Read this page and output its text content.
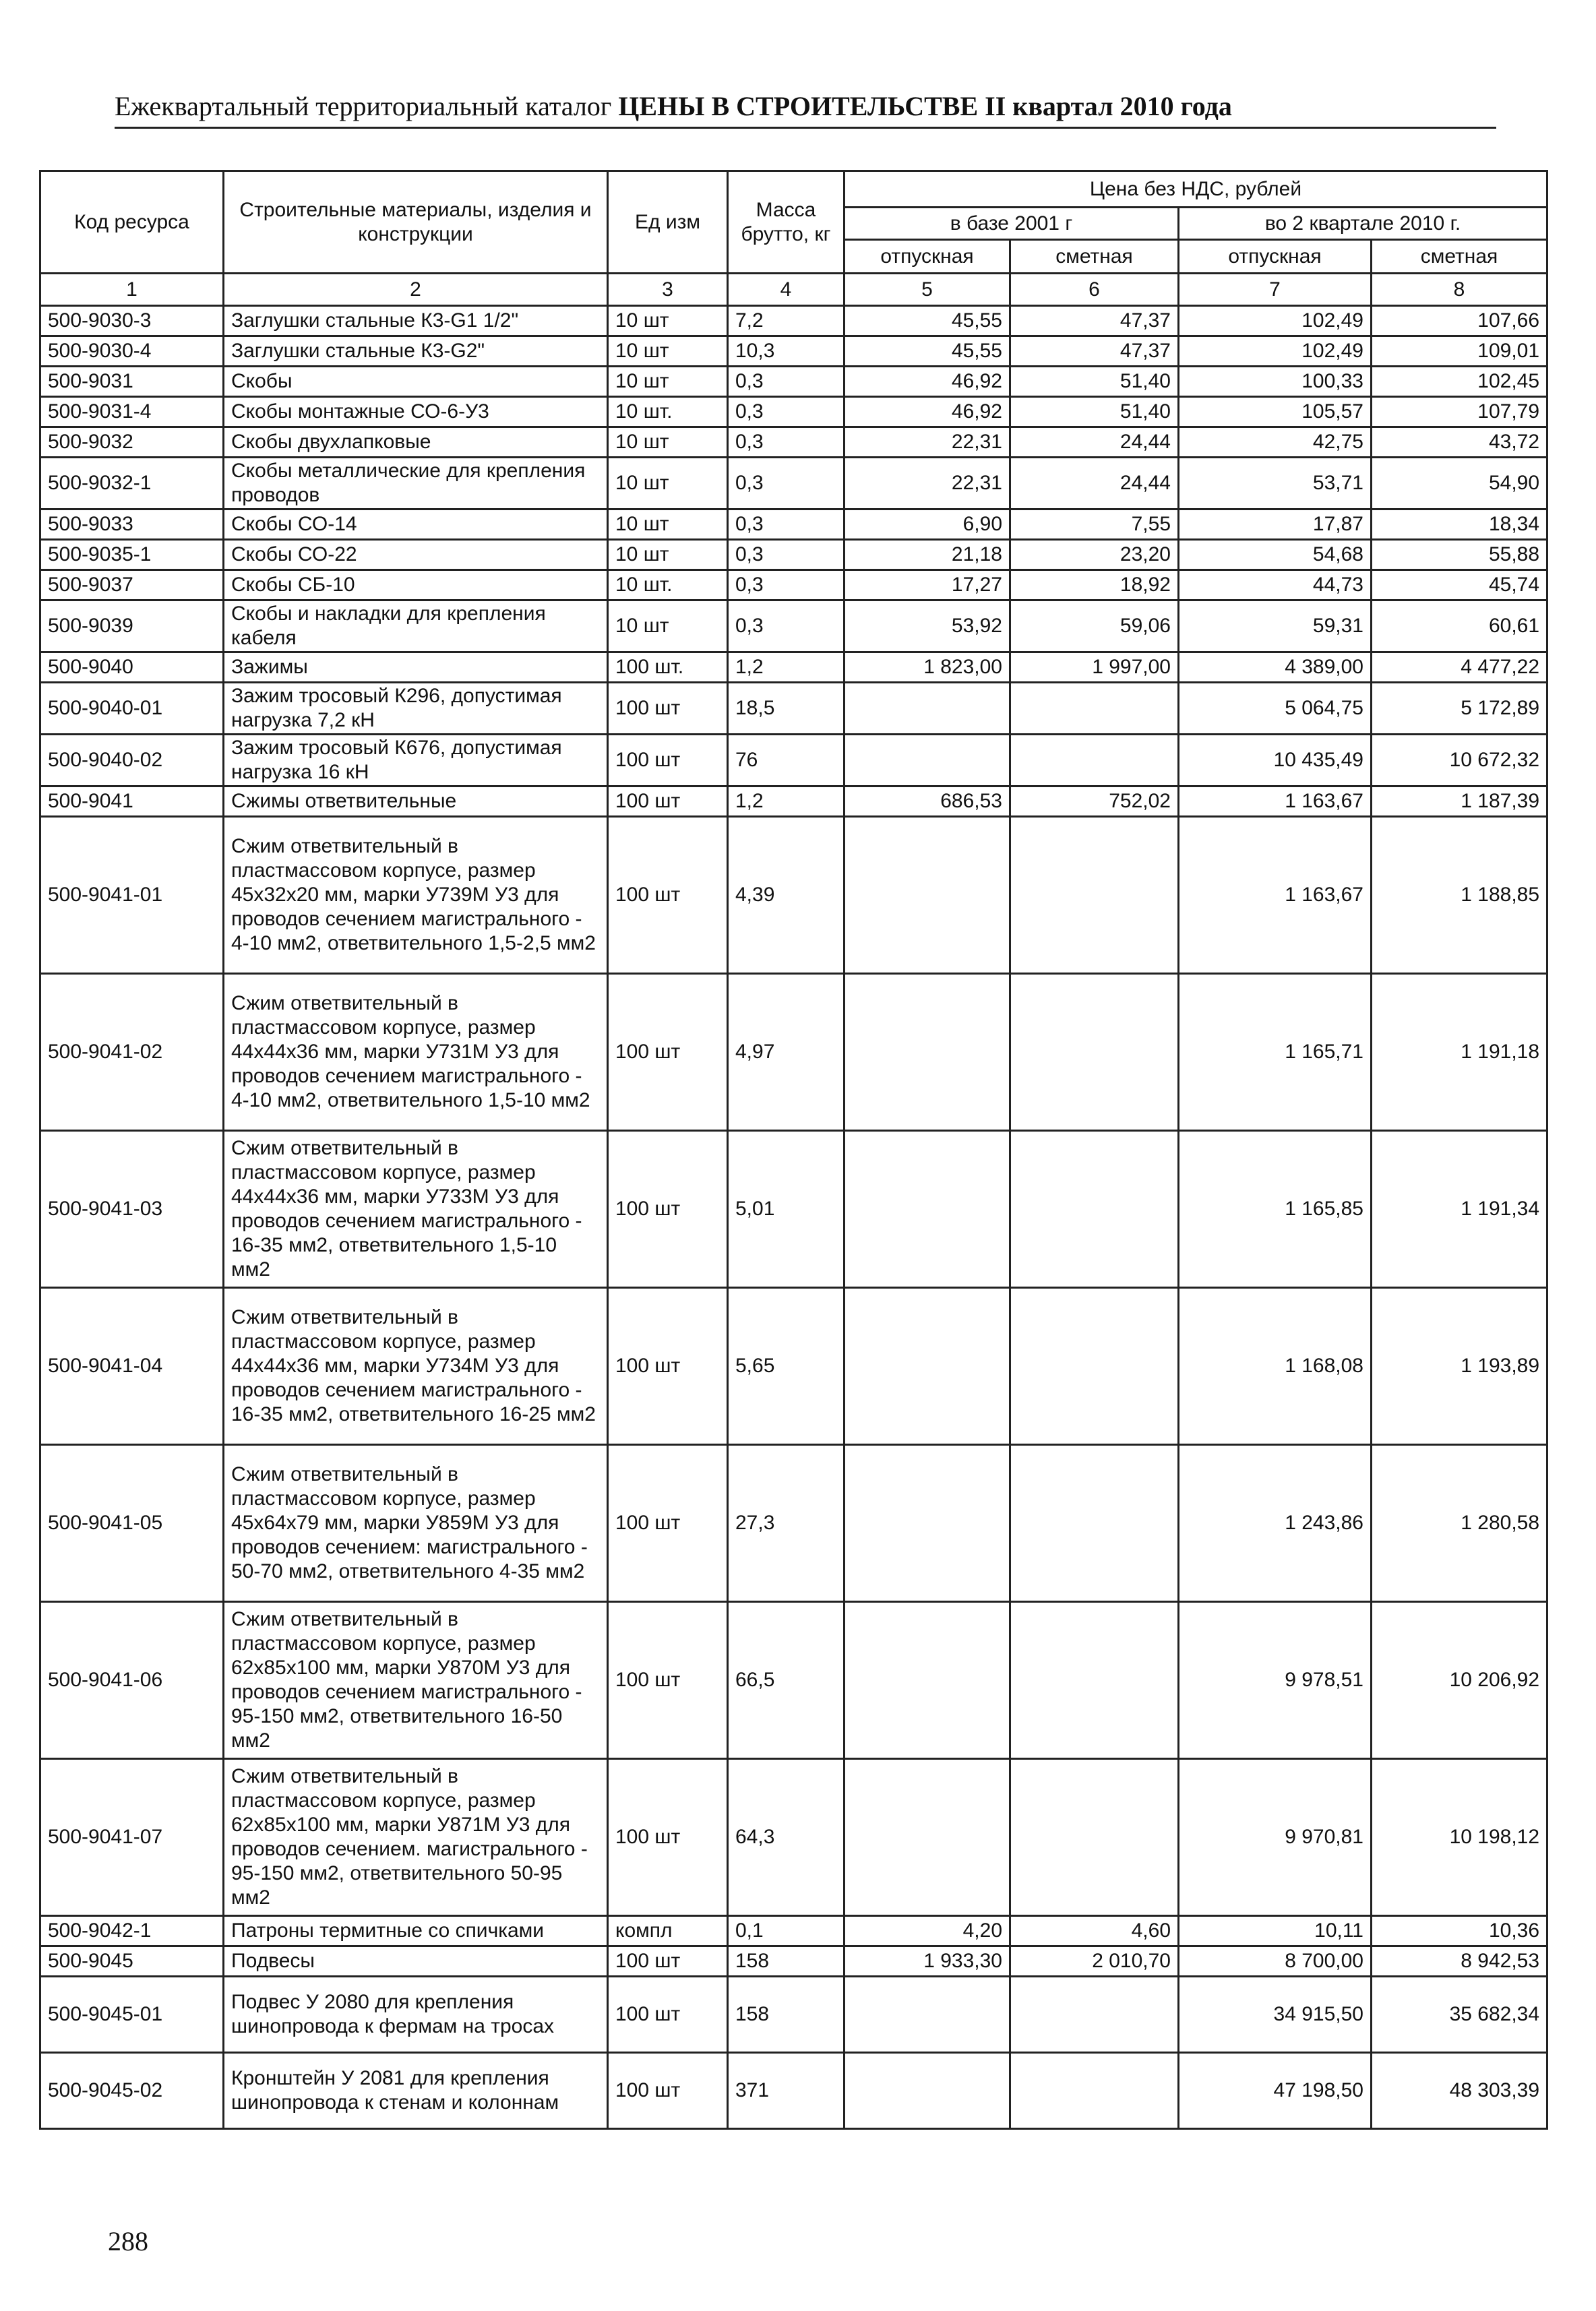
Ежеквартальный территориальный каталог ЦЕНЫ В СТРОИТЕЛЬСТВЕ II квартал 2010 года
Код ресурса	Строительные материалы, изделия и конструкции	Ед изм	Масса брутто, кг	Цена без НДС, рублей			
				в базе 2001 г		во 2 квартале 2010 г.	
				отпускная	сметная	отпускная	сметная
1	2	3	4	5	6	7	8
500-9030-3	Заглушки стальные К3-G1 1/2"	10 шт	7,2	45,55	47,37	102,49	107,66
500-9030-4	Заглушки стальные К3-G2"	10 шт	10,3	45,55	47,37	102,49	109,01
500-9031	Скобы	10 шт	0,3	46,92	51,40	100,33	102,45
500-9031-4	Скобы монтажные СО-6-У3	10 шт.	0,3	46,92	51,40	105,57	107,79
500-9032	Скобы двухлапковые	10 шт	0,3	22,31	24,44	42,75	43,72
500-9032-1	Скобы металлические для крепления проводов	10 шт	0,3	22,31	24,44	53,71	54,90
500-9033	Скобы СО-14	10 шт	0,3	6,90	7,55	17,87	18,34
500-9035-1	Скобы СО-22	10 шт	0,3	21,18	23,20	54,68	55,88
500-9037	Скобы СБ-10	10 шт.	0,3	17,27	18,92	44,73	45,74
500-9039	Скобы и накладки для крепления кабеля	10 шт	0,3	53,92	59,06	59,31	60,61
500-9040	Зажимы	100 шт.	1,2	1 823,00	1 997,00	4 389,00	4 477,22
500-9040-01	Зажим тросовый К296, допустимая нагрузка 7,2 кН	100 шт	18,5			5 064,75	5 172,89
500-9040-02	Зажим тросовый К676, допустимая нагрузка 16 кН	100 шт	76			10 435,49	10 672,32
500-9041	Сжимы ответвительные	100 шт	1,2	686,53	752,02	1 163,67	1 187,39
500-9041-01	Сжим ответвительный в пластмассовом корпусе, размер 45х32х20 мм, марки У739М У3 для проводов сечением магистрального - 4-10 мм2, ответвительного 1,5-2,5 мм2	100 шт	4,39			1 163,67	1 188,85
500-9041-02	Сжим ответвительный в пластмассовом корпусе, размер 44х44х36 мм, марки У731М У3 для проводов сечением магистрального - 4-10 мм2, ответвительного 1,5-10 мм2	100 шт	4,97			1 165,71	1 191,18
500-9041-03	Сжим ответвительный в пластмассовом корпусе, размер 44х44х36 мм, марки У733М У3 для проводов сечением магистрального - 16-35 мм2, ответвительного 1,5-10 мм2	100 шт	5,01			1 165,85	1 191,34
500-9041-04	Сжим ответвительный в пластмассовом корпусе, размер 44х44х36 мм, марки У734М У3 для проводов сечением магистрального - 16-35 мм2, ответвительного 16-25 мм2	100 шт	5,65			1 168,08	1 193,89
500-9041-05	Сжим ответвительный в пластмассовом корпусе, размер 45х64х79 мм, марки У859М У3 для проводов сечением: магистрального - 50-70 мм2, ответвительного 4-35 мм2	100 шт	27,3			1 243,86	1 280,58
500-9041-06	Сжим ответвительный в пластмассовом корпусе, размер 62х85х100 мм, марки У870М У3 для проводов сечением магистрального - 95-150 мм2, ответвительного 16-50 мм2	100 шт	66,5			9 978,51	10 206,92
500-9041-07	Сжим ответвительный в пластмассовом корпусе, размер 62х85х100 мм, марки У871М У3 для проводов сечением. магистрального - 95-150 мм2, ответвительного 50-95 мм2	100 шт	64,3			9 970,81	10 198,12
500-9042-1	Патроны термитные со спичками	компл	0,1	4,20	4,60	10,11	10,36
500-9045	Подвесы	100 шт	158	1 933,30	2 010,70	8 700,00	8 942,53
500-9045-01	Подвес У 2080 для крепления шинопровода к фермам на тросах	100 шт	158			34 915,50	35 682,34
500-9045-02	Кронштейн У 2081 для крепления шинопровода к стенам и колоннам	100 шт	371			47 198,50	48 303,39
288
